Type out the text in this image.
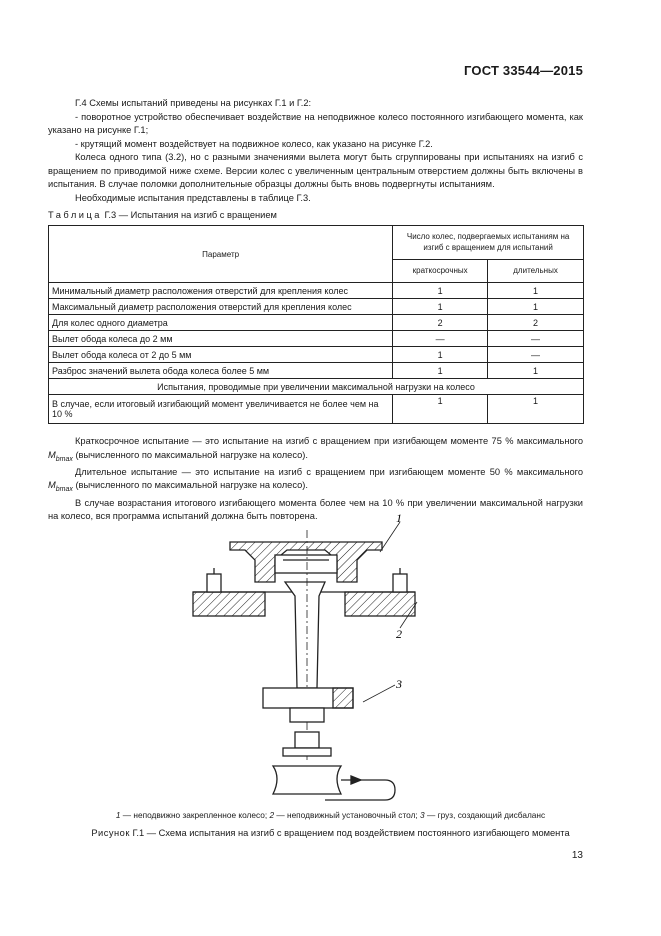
ГОСТ 33544—2015

Г.4 Схемы испытаний приведены на рисунках Г.1 и Г.2:

- поворотное устройство обеспечивает воздействие на неподвижное колесо постоянного изгибающего момента, как указано на рисунке Г.1;

- крутящий момент воздействует на подвижное колесо, как указано на рисунке Г.2.

Колеса одного типа (3.2), но с разными значениями вылета могут быть сгруппированы при испытаниях на изгиб с вращением по приводимой ниже схеме. Версии колес с увеличенным центральным отверстием должны быть включены в испытания. В случае поломки дополнительные образцы должны быть вновь подвергнуты испытаниям.

Необходимые испытания представлены в таблице Г.3.

Таблица Г.3 — Испытания на изгиб с вращением
Параметр	Число колес, подвергаемых испытаниям на изгиб с вращением для испытаний	
	краткосрочных	длительных
Минимальный диаметр расположения отверстий для крепления колес	1	1
Максимальный диаметр расположения отверстий для крепления колес	1	1
Для колес одного диаметра	2	2
Вылет обода колеса до 2 мм	—	—
Вылет обода колеса от 2 до 5 мм	1	—
Разброс значений вылета обода колеса более 5 мм	1	1
Испытания, проводимые при увеличении максимальной нагрузки на колесо		
В случае, если итоговый изгибающий момент увеличивается не более чем на 10 %	1	1

Краткосрочное испытание — это испытание на изгиб с вращением при изгибающем моменте 75 % максимального $M_{bmax}$ (вычисленного по максимальной нагрузке на колесо).

Длительное испытание — это испытание на изгиб с вращением при изгибающем моменте 50 % максимального $M_{bmax}$ (вычисленного по максимальной нагрузке на колесо).

В случае возрастания итогового изгибающего момента более чем на 10 % при увеличении максимальной нагрузки на колесо, вся программа испытаний должна быть повторена.	1
2
3
1 — неподвижно закрепленное колесо; 2 — неподвижный установочный стол; 3 — груз, создающий дисбаланс
Рисунок Г.1 — Схема испытания на изгиб с вращением под воздействием постоянного изгибающего момента
13
